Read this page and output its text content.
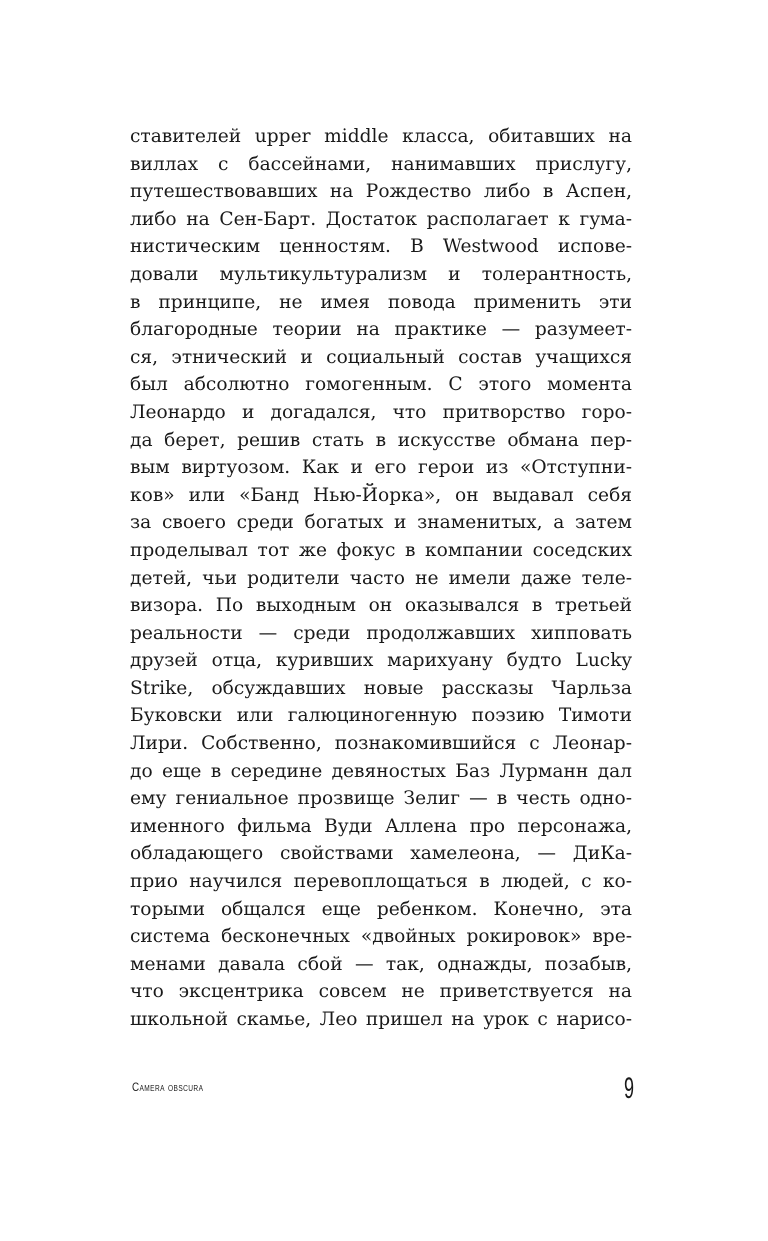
ставителей upper middle класса, обитавших на
виллах с бассейнами, нанимавших прислугу,
путешествовавших на Рождество либо в Аспен,
либо на Сен-Барт. Достаток располагает к гума-
нистическим ценностям. В Westwood испове-
довали мультикультурализм и толерантность,
в принципе, не имея повода применить эти
благородные теории на практике — разумеет-
ся, этнический и социальный состав учащихся
был абсолютно гомогенным. С этого момента
Леонардо и догадался, что притворство горо-
да берет, решив стать в искусстве обмана пер-
вым виртуозом. Как и его герои из «Отступни-
ков» или «Банд Нью-Йорка», он выдавал себя
за своего среди богатых и знаменитых, а затем
проделывал тот же фокус в компании соседских
детей, чьи родители часто не имели даже теле-
визора. По выходным он оказывался в третьей
реальности — среди продолжавших хипповать
друзей отца, куривших марихуану будто Lucky
Strike, обсуждавших новые рассказы Чарльза
Буковски или галюциногенную поэзию Тимоти
Лири. Собственно, познакомившийся с Леонар-
до еще в середине девяностых Баз Лурманн дал
ему гениальное прозвище Зелиг — в честь одно-
именного фильма Вуди Аллена про персонажа,
обладающего свойствами хамелеона, — ДиКа-
прио научился перевоплощаться в людей, с ко-
торыми общался еще ребенком. Конечно, эта
система бесконечных «двойных рокировок» вре-
менами давала сбой — так, однажды, позабыв,
что эксцентрика совсем не приветствуется на
школьной скамье, Лео пришел на урок с нарисо-
Camera obscura	9
